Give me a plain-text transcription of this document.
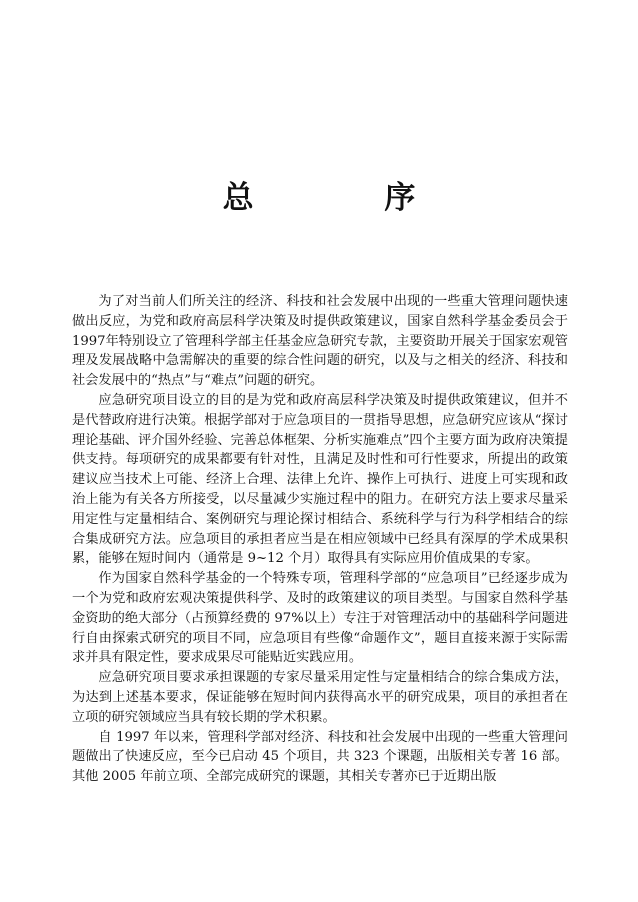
总 序

为了对当前人们所关注的经济、科技和社会发展中出现的一些重大管理问题快速做出反应，为党和政府高层科学决策及时提供政策建议，国家自然科学基金委员会于1997年特别设立了管理科学部主任基金应急研究专款，主要资助开展关于国家宏观管理及发展战略中急需解决的重要的综合性问题的研究，以及与之相关的经济、科技和社会发展中的“热点”与“难点”问题的研究。

应急研究项目设立的目的是为党和政府高层科学决策及时提供政策建议，但并不是代替政府进行决策。根据学部对于应急项目的一贯指导思想，应急研究应该从“探讨理论基础、评介国外经验、完善总体框架、分析实施难点”四个主要方面为政府决策提供支持。每项研究的成果都要有针对性，且满足及时性和可行性要求，所提出的政策建议应当技术上可能、经济上合理、法律上允许、操作上可执行、进度上可实现和政治上能为有关各方所接受，以尽量减少实施过程中的阻力。在研究方法上要求尽量采用定性与定量相结合、案例研究与理论探讨相结合、系统科学与行为科学相结合的综合集成研究方法。应急项目的承担者应当是在相应领域中已经具有深厚的学术成果积累，能够在短时间内（通常是 9~12 个月）取得具有实际应用价值成果的专家。

作为国家自然科学基金的一个特殊专项，管理科学部的“应急项目”已经逐步成为一个为党和政府宏观决策提供科学、及时的政策建议的项目类型。与国家自然科学基金资助的绝大部分（占预算经费的 97%以上）专注于对管理活动中的基础科学问题进行自由探索式研究的项目不同，应急项目有些像“命题作文”，题目直接来源于实际需求并具有限定性，要求成果尽可能贴近实践应用。

应急研究项目要求承担课题的专家尽量采用定性与定量相结合的综合集成方法，为达到上述基本要求，保证能够在短时间内获得高水平的研究成果，项目的承担者在立项的研究领域应当具有较长期的学术积累。

自 1997 年以来，管理科学部对经济、科技和社会发展中出现的一些重大管理问题做出了快速反应，至今已启动 45 个项目，共 323 个课题，出版相关专著 16 部。其他 2005 年前立项、全部完成研究的课题，其相关专著亦已于近期出版
